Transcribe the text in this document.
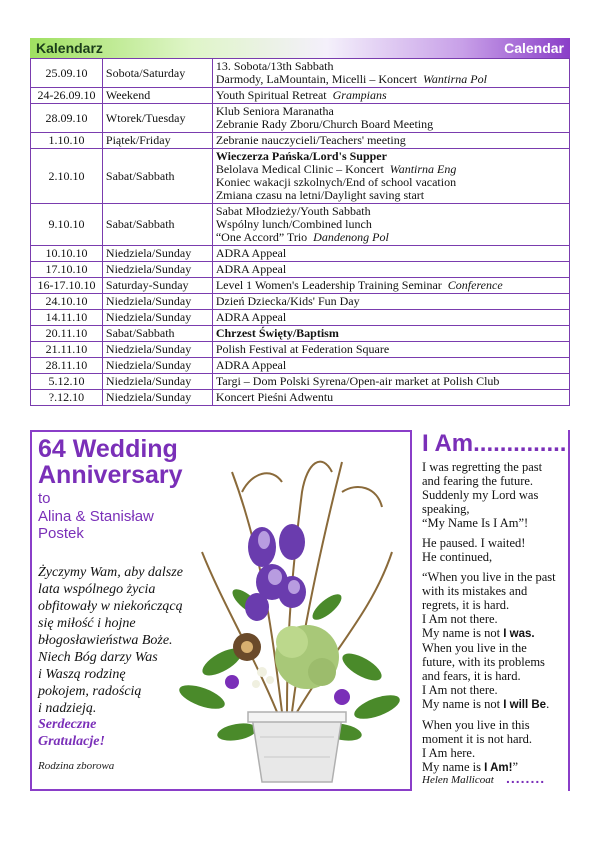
Kalendarz	Calendar
25.09.10	Sobota/Saturday	13. Sobota/13th Sabbath
Darmody, LaMountain, Micelli – Koncert Wantirna Pol

24-26.09.10	Weekend	Youth Spiritual Retreat Grampians

28.09.10	Wtorek/Tuesday	Klub Seniora Maranatha
Zebranie Rady Zboru/Church Board Meeting

1.10.10	Piątek/Friday	Zebranie nauczycieli/Teachers' meeting

2.10.10	Sabat/Sabbath	Wieczerza Pańska/Lord's Supper
Belolava Medical Clinic – Koncert Wantirna Eng
Koniec wakacji szkolnych/End of school vacation
Zmiana czasu na letni/Daylight saving start

9.10.10	Sabat/Sabbath	Sabat Młodzieży/Youth Sabbath
Wspólny lunch/Combined lunch
“One Accord” Trio Dandenong Pol

10.10.10	Niedziela/Sunday	ADRA Appeal

17.10.10	Niedziela/Sunday	ADRA Appeal

16-17.10.10	Saturday-Sunday	Level 1 Women's Leadership Training Seminar Conference

24.10.10	Niedziela/Sunday	Dzień Dziecka/Kids' Fun Day

14.11.10	Niedziela/Sunday	ADRA Appeal

20.11.10	Sabat/Sabbath	Chrzest Święty/Baptism

21.11.10	Niedziela/Sunday	Polish Festival at Federation Square

28.11.10	Niedziela/Sunday	ADRA Appeal

5.12.10	Niedziela/Sunday	Targi – Dom Polski Syrena/Open-air market at Polish Club

?.12.10	Niedziela/Sunday	Koncert Pieśni Adwentu
64 Wedding
Anniversary
to
Alina & Stanisław
Postek
Życzymy Wam, aby dalsze
lata wspólnego życia
obfitowały w niekończącą
się miłość i hojne
błogosławieństwa Boże.
Niech Bóg darzy Was
i Waszą rodzinę
pokojem, radością
i nadzieją.
Serdeczne
Gratulacje!
Rodzina zborowa
I Am..............
I was regretting the past
and fearing the future.
Suddenly my Lord was
speaking,
“My Name Is I Am”!
He paused. I waited!
He continued,
“When you live in the past
with its mistakes and
regrets, it is hard.
I Am not there.
My name is not I was.
When you live in the
future, with its problems
and fears, it is hard.
I Am not there.
My name is not I will Be.
When you live in this
moment it is not hard.
I Am here.
My name is I Am!”
Helen Mallicoat ........
